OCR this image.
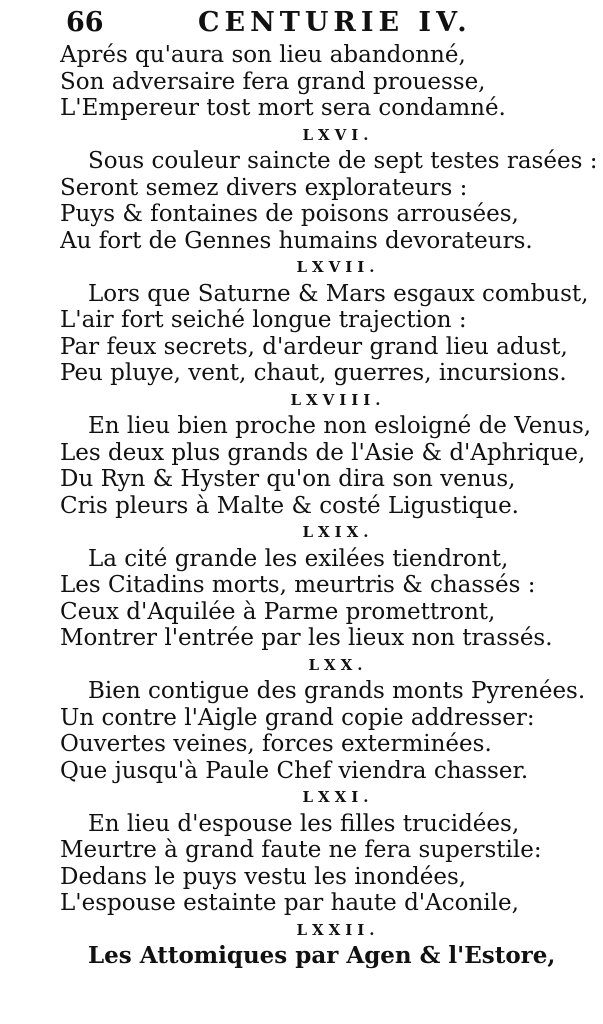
66	CENTURIE IV.
Aprés qu'aura son lieu abandonné,
Son adversaire fera grand prouesse,
L'Empereur tost mort sera condamné.
LXVI.
Sous couleur saincte de sept testes rasées :
Seront semez divers explorateurs :
Puys & fontaines de poisons arrousées,
Au fort de Gennes humains devorateurs.
LXVII.
Lors que Saturne & Mars esgaux combust,
L'air fort seiché longue trajection :
Par feux secrets, d'ardeur grand lieu adust,
Peu pluye, vent, chaut, guerres, incursions.
LXVIII.
En lieu bien proche non esloigné de Venus,
Les deux plus grands de l'Asie & d'Aphrique,
Du Ryn & Hyster qu'on dira son venus,
Cris pleurs à Malte & costé Ligustique.
LXIX.
La cité grande les exilées tiendront,
Les Citadins morts, meurtris & chassés :
Ceux d'Aquilée à Parme promettront,
Montrer l'entrée par les lieux non trassés.
LXX.
Bien contigue des grands monts Pyrenées.
Un contre l'Aigle grand copie addresser:
Ouvertes veines, forces exterminées.
Que jusqu'à Paule Chef viendra chasser.
LXXI.
En lieu d'espouse les filles trucidées,
Meurtre à grand faute ne fera superstile:
Dedans le puys vestu les inondées,
L'espouse estainte par haute d'Aconile,
LXXII.
Les Attomiques par Agen & l'Estore,
